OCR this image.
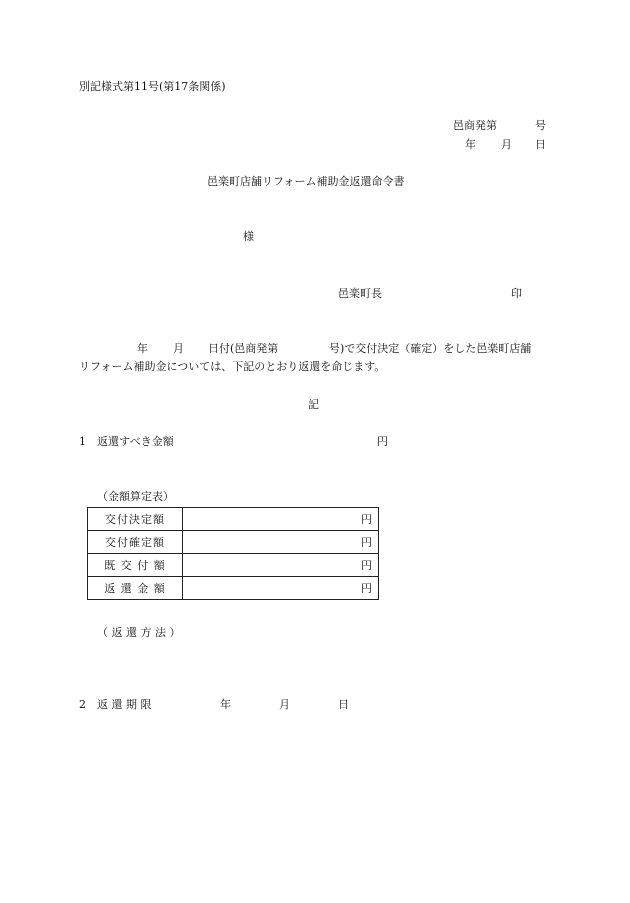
別記様式第11号(第17条関係)
邑商発第	号
年 月 日
邑楽町店舗リフォーム補助金返還命令書
様
邑楽町長	印
年 月 日付(邑商発第	号)で交付決定（確定）をした邑楽町店舗
リフォーム補助金については、下記のとおり返還を命じます。
記
1 返還すべき金額	円
（金額算定表）
交付決定額	円
交付確定額	円
既 交 付 額	円
返 還 金 額	円
（ 返 還 方 法 ）
2 返 還 期 限	年	月	日
